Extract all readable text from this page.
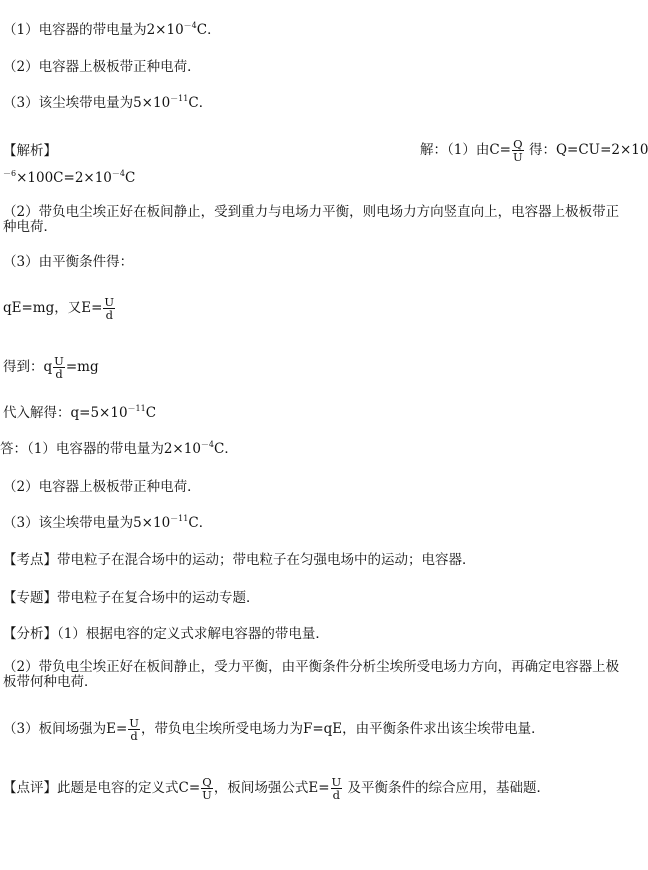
（1）电容器的带电量为$2\times 10^{-4}C$．
（2）电容器上极板带正种电荷．
（3）该尘埃带电量为$5\times 10^{-11}C$．
【解析】	解：（1）由$C= \frac{Q}{U}$ 得：Q=CU=2×10
$^{-6}\times 100C=2\times 10^{-4}C$
（2）带负电尘埃正好在板间静止，受到重力与电场力平衡，则电场力方向竖直向上，电容器上极板带正种电荷．
（3）由平衡条件得：
qE=mg，又$E= \frac{U}{d}$
得到：q $\frac{U}{d} =mg$
代入解得：$q=5\times 10^{-11}C$
答：（1）电容器的带电量为$2\times 10^{-4}C$．
（2）电容器上极板带正种电荷．
（3）该尘埃带电量为$5\times 10^{-11}C$．
【考点】带电粒子在混合场中的运动；带电粒子在匀强电场中的运动；电容器．
【专题】带电粒子在复合场中的运动专题．
【分析】（1）根据电容的定义式求解电容器的带电量．
（2）带负电尘埃正好在板间静止，受力平衡，由平衡条件分析尘埃所受电场力方向，再确定电容器上极板带何种电荷．
（3）板间场强为$E= \frac{U}{d}$ ，带负电尘埃所受电场力为F=qE，由平衡条件求出该尘埃带电量．
【点评】此题是电容的定义式$C= \frac{Q}{U}$ ，板间场强公式$E= \frac{U}{d}$ 及平衡条件的综合应用，基础题．
